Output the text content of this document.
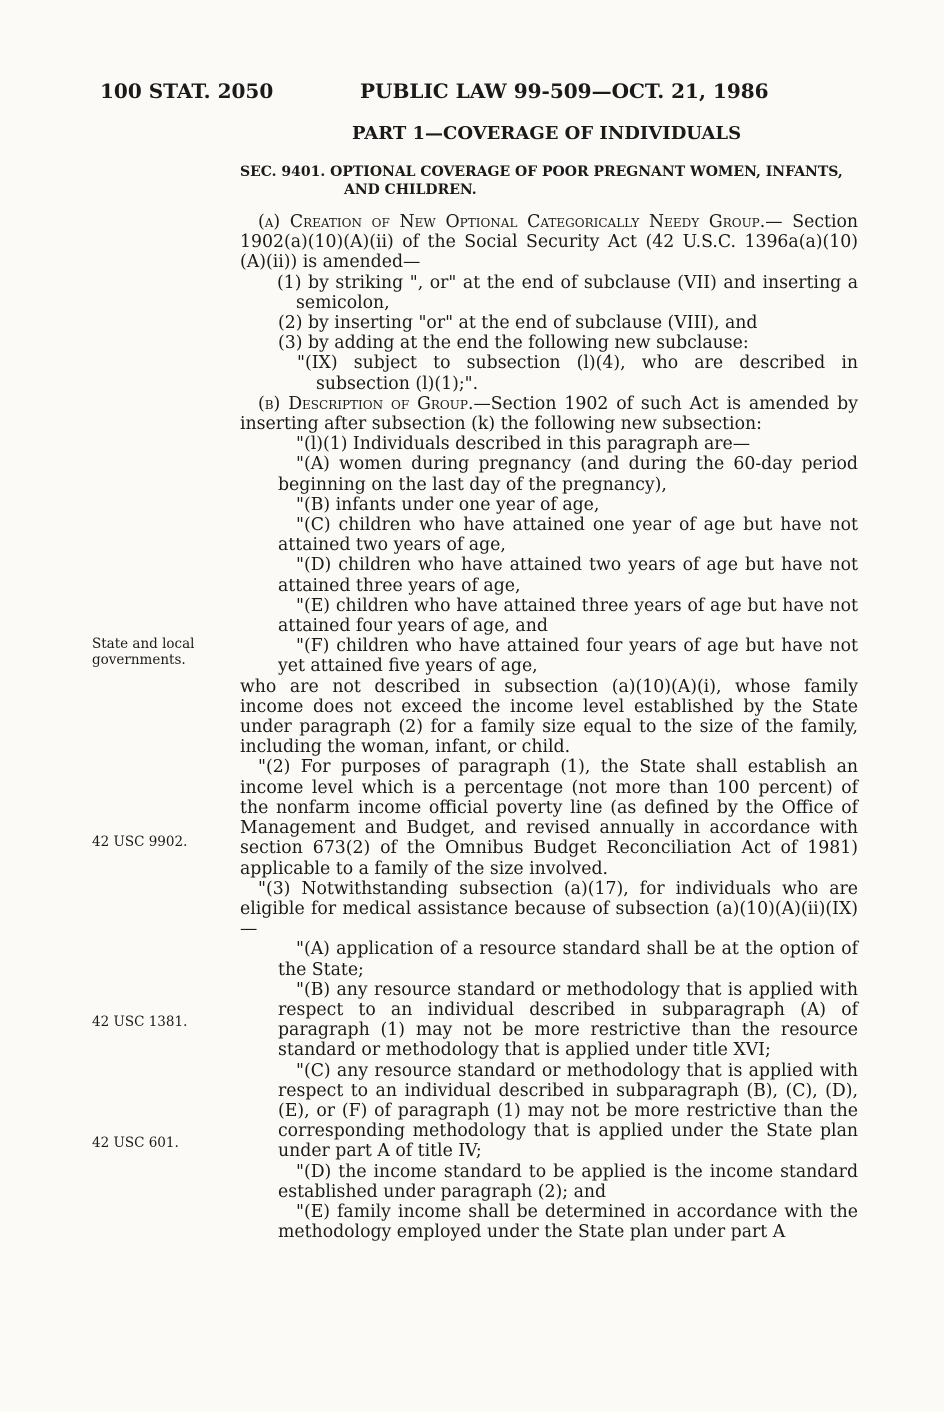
100 STAT. 2050	PUBLIC LAW 99-509—OCT. 21, 1986
PART 1—COVERAGE OF INDIVIDUALS
SEC. 9401. OPTIONAL COVERAGE OF POOR PREGNANT WOMEN, INFANTS,
AND CHILDREN.

(a) Creation of New Optional Categorically Needy Group.— Section 1902(a)(10)(A)(ii) of the Social Security Act (42 U.S.C. 1396a(a)(10)(A)(ii)) is amended—

(1) by striking ", or" at the end of subclause (VII) and inserting a semicolon,

(2) by inserting "or" at the end of subclause (VIII), and

(3) by adding at the end the following new subclause:

"(IX) subject to subsection (l)(4), who are described in subsection (l)(1);".

(b) Description of Group.—Section 1902 of such Act is amended by inserting after subsection (k) the following new subsection:

"(l)(1) Individuals described in this paragraph are—

"(A) women during pregnancy (and during the 60-day period beginning on the last day of the pregnancy),

"(B) infants under one year of age,

"(C) children who have attained one year of age but have not attained two years of age,

"(D) children who have attained two years of age but have not attained three years of age,

"(E) children who have attained three years of age but have not attained four years of age, and

"(F) children who have attained four years of age but have not yet attained five years of age,

who are not described in subsection (a)(10)(A)(i), whose family income does not exceed the income level established by the State under paragraph (2) for a family size equal to the size of the family, including the woman, infant, or child.

"(2) For purposes of paragraph (1), the State shall establish an income level which is a percentage (not more than 100 percent) of the nonfarm income official poverty line (as defined by the Office of Management and Budget, and revised annually in accordance with section 673(2) of the Omnibus Budget Reconciliation Act of 1981) applicable to a family of the size involved.

"(3) Notwithstanding subsection (a)(17), for individuals who are eligible for medical assistance because of subsection (a)(10)(A)(ii)(IX)—

"(A) application of a resource standard shall be at the option of the State;

"(B) any resource standard or methodology that is applied with respect to an individual described in subparagraph (A) of paragraph (1) may not be more restrictive than the resource standard or methodology that is applied under title XVI;

"(C) any resource standard or methodology that is applied with respect to an individual described in subparagraph (B), (C), (D), (E), or (F) of paragraph (1) may not be more restrictive than the corresponding methodology that is applied under the State plan under part A of title IV;

"(D) the income standard to be applied is the income standard established under paragraph (2); and

"(E) family income shall be determined in accordance with the methodology employed under the State plan under part A

State and local
governments.
42 USC 9902.
42 USC 1381.
42 USC 601.
